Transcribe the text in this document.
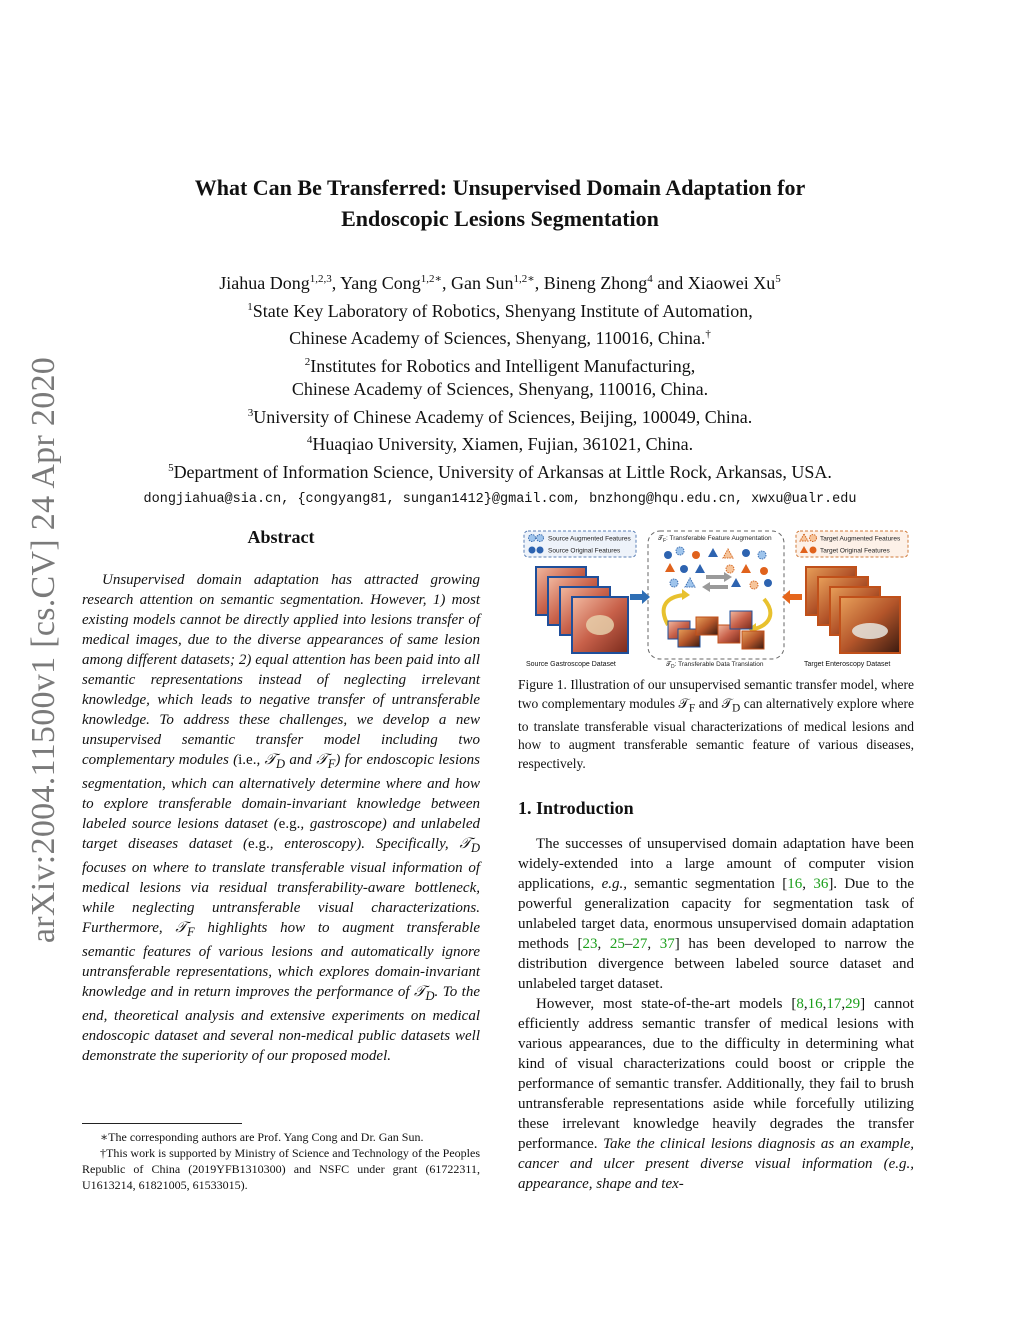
arXiv:2004.11500v1 [cs.CV] 24 Apr 2020
What Can Be Transferred: Unsupervised Domain Adaptation for
Endoscopic Lesions Segmentation
Jiahua Dong$^{1,2,3}$, Yang Cong$^{1,2∗}$, Gan Sun$^{1,2∗}$, Bineng Zhong$^4$ and Xiaowei Xu$^5$
$^1$State Key Laboratory of Robotics, Shenyang Institute of Automation,
Chinese Academy of Sciences, Shenyang, 110016, China.†
$^2$Institutes for Robotics and Intelligent Manufacturing,
Chinese Academy of Sciences, Shenyang, 110016, China.
$^3$University of Chinese Academy of Sciences, Beijing, 100049, China.
$^4$Huaqiao University, Xiamen, Fujian, 361021, China.
$^5$Department of Information Science, University of Arkansas at Little Rock, Arkansas, USA.
dongjiahua@sia.cn, {congyang81, sungan1412}@gmail.com, bnzhong@hqu.edu.cn, xwxu@ualr.edu
Abstract
Unsupervised domain adaptation has attracted growing research attention on semantic segmentation. However, 1) most existing models cannot be directly applied into lesions transfer of medical images, due to the diverse appearances of same lesion among different datasets; 2) equal attention has been paid into all semantic representations instead of neglecting irrelevant knowledge, which leads to negative transfer of untransferable knowledge. To address these challenges, we develop a new unsupervised semantic transfer model including two complementary modules (i.e., 𝒯$_D$ and 𝒯$_F$) for endoscopic lesions segmentation, which can alternatively determine where and how to explore transferable domain-invariant knowledge between labeled source lesions dataset (e.g., gastroscope) and unlabeled target diseases dataset (e.g., enteroscopy). Specifically, 𝒯$_D$ focuses on where to translate transferable visual information of medical lesions via residual transferability-aware bottleneck, while neglecting untransferable visual characterizations. Furthermore, 𝒯$_F$ highlights how to augment transferable semantic features of various lesions and automatically ignore untransferable representations, which explores domain-invariant knowledge and in return improves the performance of 𝒯$_D$. To the end, theoretical analysis and extensive experiments on medical endoscopic dataset and several non-medical public datasets well demonstrate the superiority of our proposed model.

∗The corresponding authors are Prof. Yang Cong and Dr. Gan Sun.

†This work is supported by Ministry of Science and Technology of the Peoples Republic of China (2019YFB1310300) and NSFC under grant (61722311, U1613214, 61821005, 61533015).

Source Augmented Features
Source Original Features
Target Augmented Features
Target Original Features
𝒯$_F$: Transferable Feature Augmentation
𝒯$_D$: Transferable Data Translation
Source Gastroscope Dataset	Target Enteroscopy Dataset
Figure 1. Illustration of our unsupervised semantic transfer model, where two complementary modules 𝒯$_F$ and 𝒯$_D$ can alternatively explore where to translate transferable visual characterizations of medical lesions and how to augment transferable semantic feature of various diseases, respectively.
1. Introduction

The successes of unsupervised domain adaptation have been widely-extended into a large amount of computer vision applications, e.g., semantic segmentation [16, 36]. Due to the powerful generalization capacity for segmentation task of unlabeled target data, enormous unsupervised domain adaptation methods [23, 25–27, 37] has been developed to narrow the distribution divergence between labeled source dataset and unlabeled target dataset.

However, most state-of-the-art models [8,16,17,29] cannot efficiently address semantic transfer of medical lesions with various appearances, due to the difficulty in determining what kind of visual characterizations could boost or cripple the performance of semantic transfer. Additionally, they fail to brush untransferable representations aside while forcefully utilizing these irrelevant knowledge heavily degrades the transfer performance. Take the clinical lesions diagnosis as an example, cancer and ulcer present diverse visual information (e.g., appearance, shape and tex-
